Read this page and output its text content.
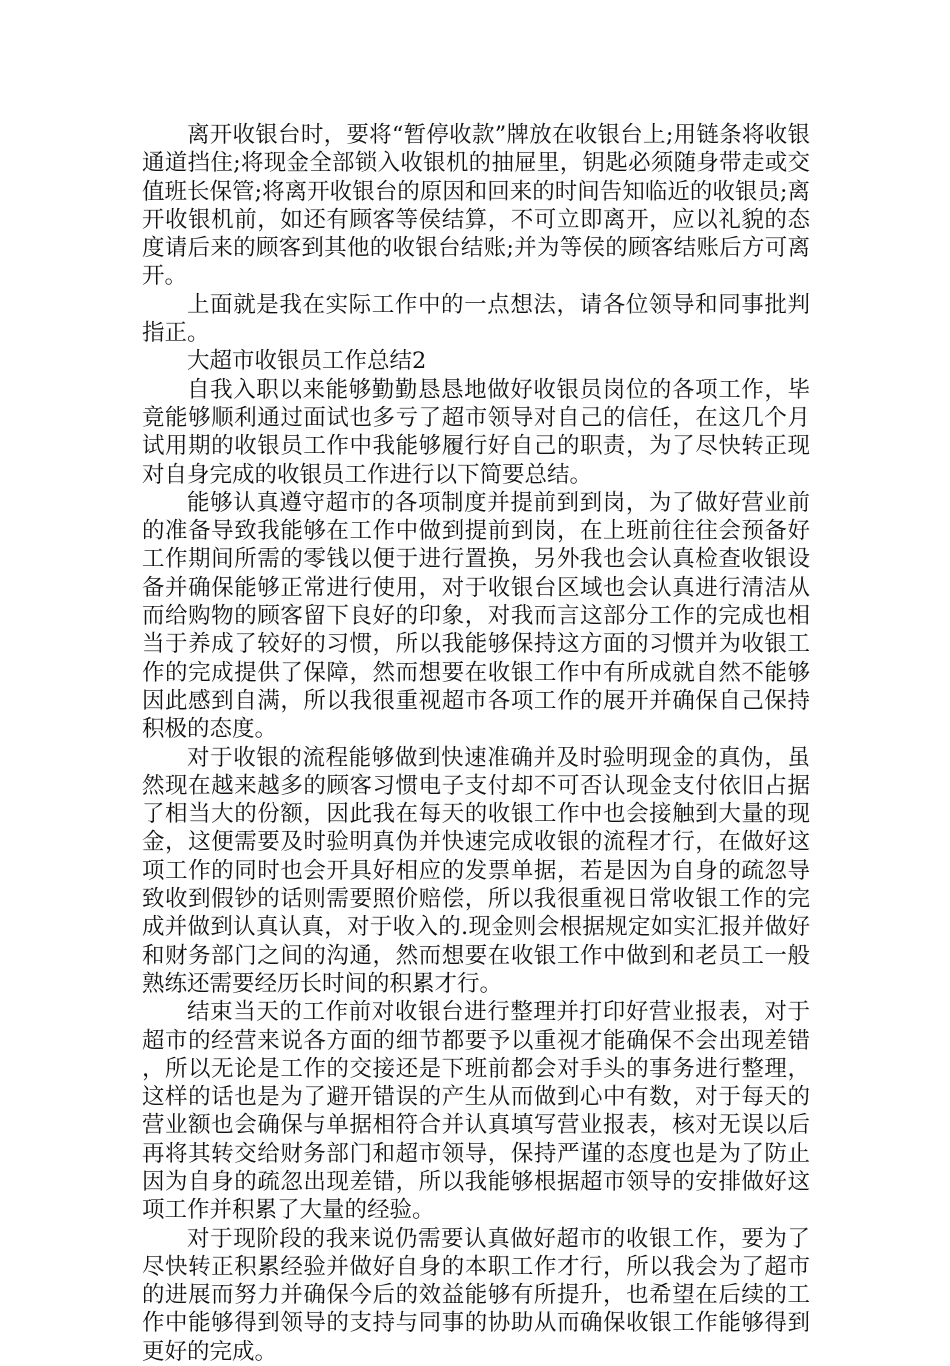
离开收银台时，要将“暂停收款”牌放在收银台上;用链条将收银通道挡住;将现金全部锁入收银机的抽屉里，钥匙必须随身带走或交值班长保管;将离开收银台的原因和回来的时间告知临近的收银员;离开收银机前，如还有顾客等侯结算，不可立即离开，应以礼貌的态度请后来的顾客到其他的收银台结账;并为等侯的顾客结账后方可离开。

上面就是我在实际工作中的一点想法，请各位领导和同事批判指正。

大超市收银员工作总结2

自我入职以来能够勤勤恳恳地做好收银员岗位的各项工作，毕竟能够顺利通过面试也多亏了超市领导对自己的信任，在这几个月试用期的收银员工作中我能够履行好自己的职责，为了尽快转正现对自身完成的收银员工作进行以下简要总结。

能够认真遵守超市的各项制度并提前到到岗，为了做好营业前的准备导致我能够在工作中做到提前到岗，在上班前往往会预备好工作期间所需的零钱以便于进行置换，另外我也会认真检查收银设备并确保能够正常进行使用，对于收银台区域也会认真进行清洁从而给购物的顾客留下良好的印象，对我而言这部分工作的完成也相当于养成了较好的习惯，所以我能够保持这方面的习惯并为收银工作的完成提供了保障，然而想要在收银工作中有所成就自然不能够因此感到自满，所以我很重视超市各项工作的展开并确保自己保持积极的态度。

对于收银的流程能够做到快速准确并及时验明现金的真伪，虽然现在越来越多的顾客习惯电子支付却不可否认现金支付依旧占据了相当大的份额，因此我在每天的收银工作中也会接触到大量的现金，这便需要及时验明真伪并快速完成收银的流程才行，在做好这项工作的同时也会开具好相应的发票单据，若是因为自身的疏忽导致收到假钞的话则需要照价赔偿，所以我很重视日常收银工作的完成并做到认真认真，对于收入的.现金则会根据规定如实汇报并做好和财务部门之间的沟通，然而想要在收银工作中做到和老员工一般熟练还需要经历长时间的积累才行。

结束当天的工作前对收银台进行整理并打印好营业报表，对于超市的经营来说各方面的细节都要予以重视才能确保不会出现差错，所以无论是工作的交接还是下班前都会对手头的事务进行整理，这样的话也是为了避开错误的产生从而做到心中有数，对于每天的营业额也会确保与单据相符合并认真填写营业报表，核对无误以后再将其转交给财务部门和超市领导，保持严谨的态度也是为了防止因为自身的疏忽出现差错，所以我能够根据超市领导的安排做好这项工作并积累了大量的经验。

对于现阶段的我来说仍需要认真做好超市的收银工作，要为了尽快转正积累经验并做好自身的本职工作才行，所以我会为了超市的进展而努力并确保今后的效益能够有所提升，也希望在后续的工作中能够得到领导的支持与同事的协助从而确保收银工作能够得到更好的完成。
